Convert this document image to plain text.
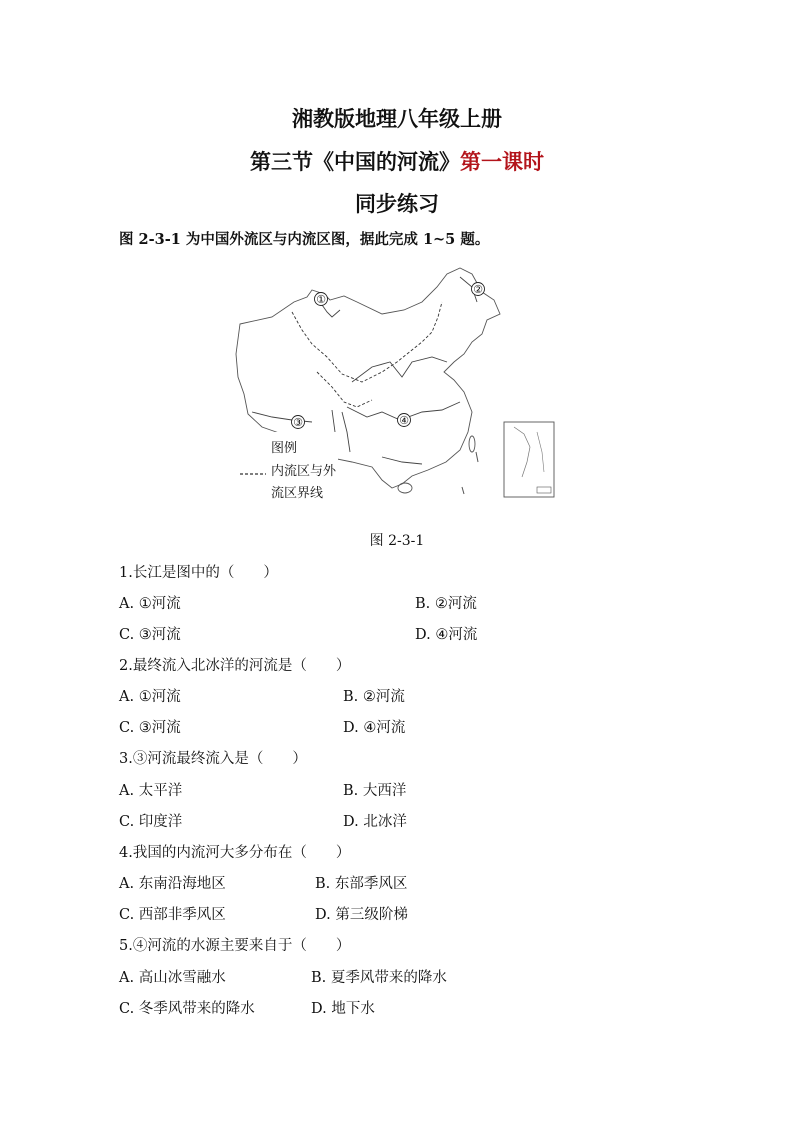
湘教版地理八年级上册
第三节《中国的河流》第一课时
同步练习
图 2-3-1 为中国外流区与内流区图，据此完成 1~5 题。
①
②
③	④
图例
内流区与外
流区界线
图 2-3-1
1.长江是图中的（　　）
A. ①河流	B. ②河流
C. ③河流	D. ④河流
2.最终流入北冰洋的河流是（　　）
A. ①河流	B. ②河流
C. ③河流	D. ④河流
3.③河流最终流入是（　　）
A. 太平洋	B. 大西洋
C. 印度洋	D. 北冰洋
4.我国的内流河大多分布在（　　）
A. 东南沿海地区	B. 东部季风区
C. 西部非季风区	D. 第三级阶梯
5.④河流的水源主要来自于（　　）
A. 高山冰雪融水	B. 夏季风带来的降水
C. 冬季风带来的降水	D. 地下水
